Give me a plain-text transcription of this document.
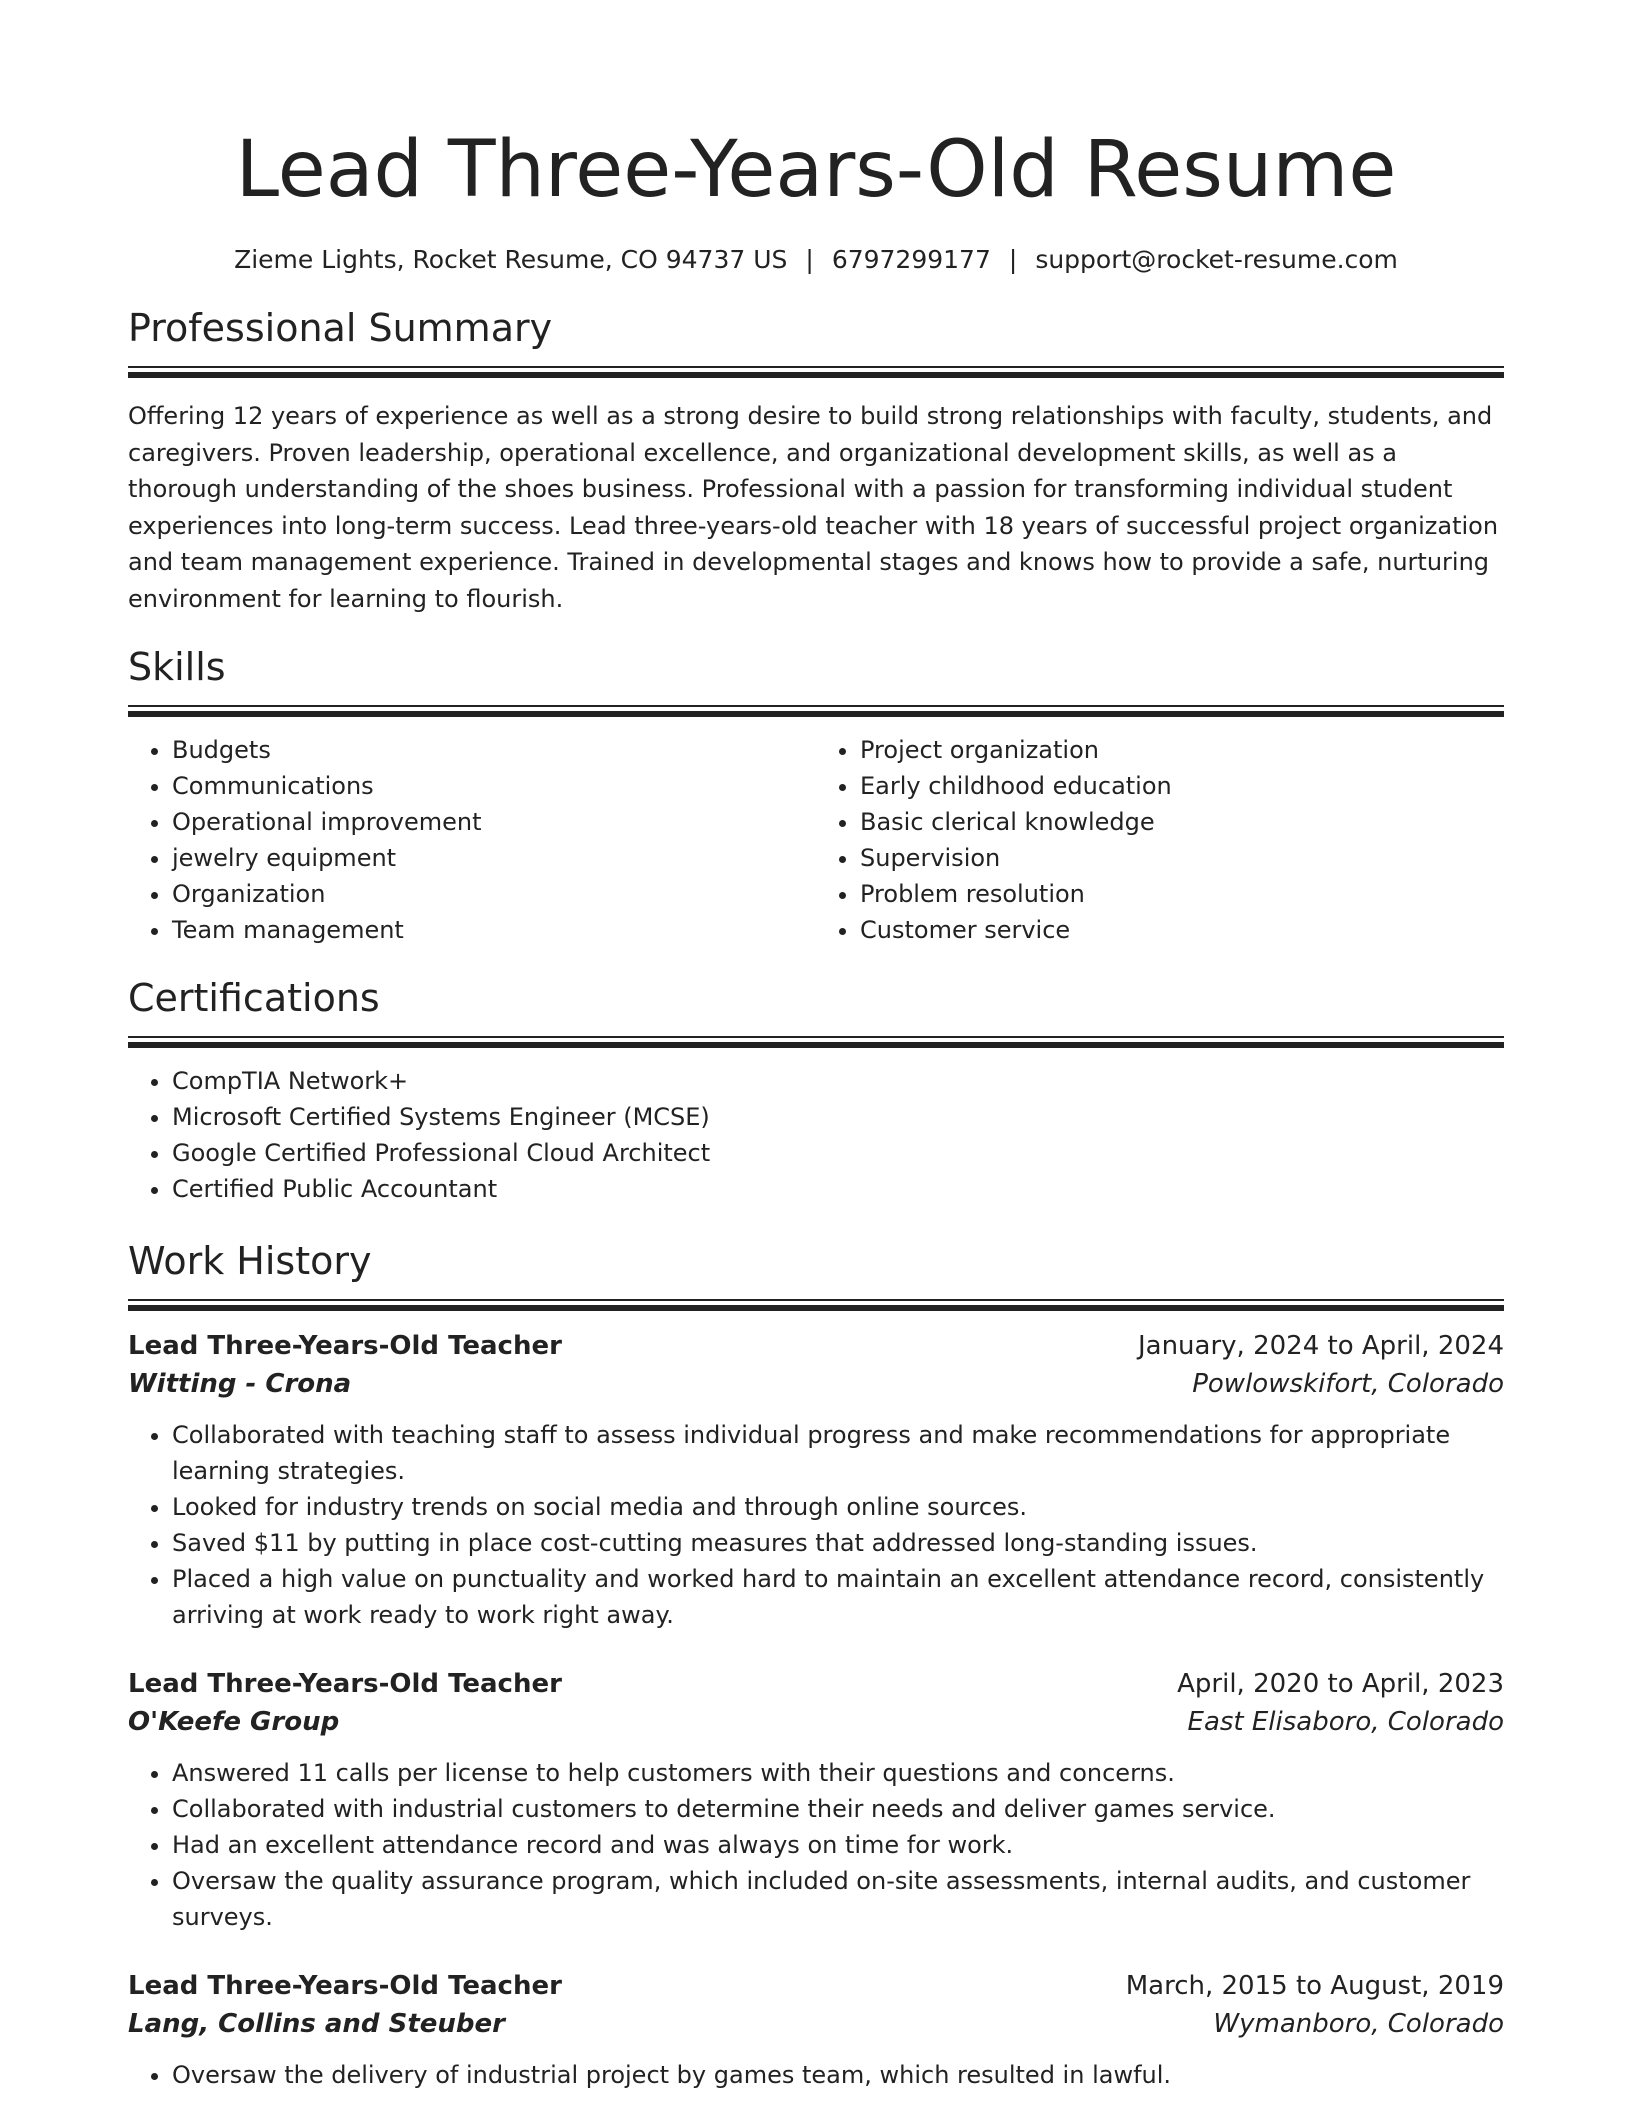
Lead Three-Years-Old Resume
Zieme Lights, Rocket Resume, CO 94737 US | 6797299177 | support@rocket-resume.com
Professional Summary
Offering 12 years of experience as well as a strong desire to build strong relationships with faculty, students, and caregivers. Proven leadership, operational excellence, and organizational development skills, as well as a thorough understanding of the shoes business. Professional with a passion for transforming individual student experiences into long-term success. Lead three-years-old teacher with 18 years of successful project organization and team management experience. Trained in developmental stages and knows how to provide a safe, nurturing environment for learning to flourish.
Skills
• Budgets
• Communications
• Operational improvement
• jewelry equipment
• Organization
• Team management
• Project organization
• Early childhood education
• Basic clerical knowledge
• Supervision
• Problem resolution
• Customer service
Certifications
• CompTIA Network+
• Microsoft Certified Systems Engineer (MCSE)
• Google Certified Professional Cloud Architect
• Certified Public Accountant
Work History
Lead Three-Years-Old Teacher	January, 2024 to April, 2024
Witting - Crona	Powlowskifort, Colorado
• Collaborated with teaching staff to assess individual progress and make recommendations for appropriate learning strategies.
• Looked for industry trends on social media and through online sources.
• Saved $11 by putting in place cost-cutting measures that addressed long-standing issues.
• Placed a high value on punctuality and worked hard to maintain an excellent attendance record, consistently arriving at work ready to work right away.
Lead Three-Years-Old Teacher	April, 2020 to April, 2023
O'Keefe Group	East Elisaboro, Colorado
• Answered 11 calls per license to help customers with their questions and concerns.
• Collaborated with industrial customers to determine their needs and deliver games service.
• Had an excellent attendance record and was always on time for work.
• Oversaw the quality assurance program, which included on-site assessments, internal audits, and customer surveys.
Lead Three-Years-Old Teacher	March, 2015 to August, 2019
Lang, Collins and Steuber	Wymanboro, Colorado
• Oversaw the delivery of industrial project by games team, which resulted in lawful.
